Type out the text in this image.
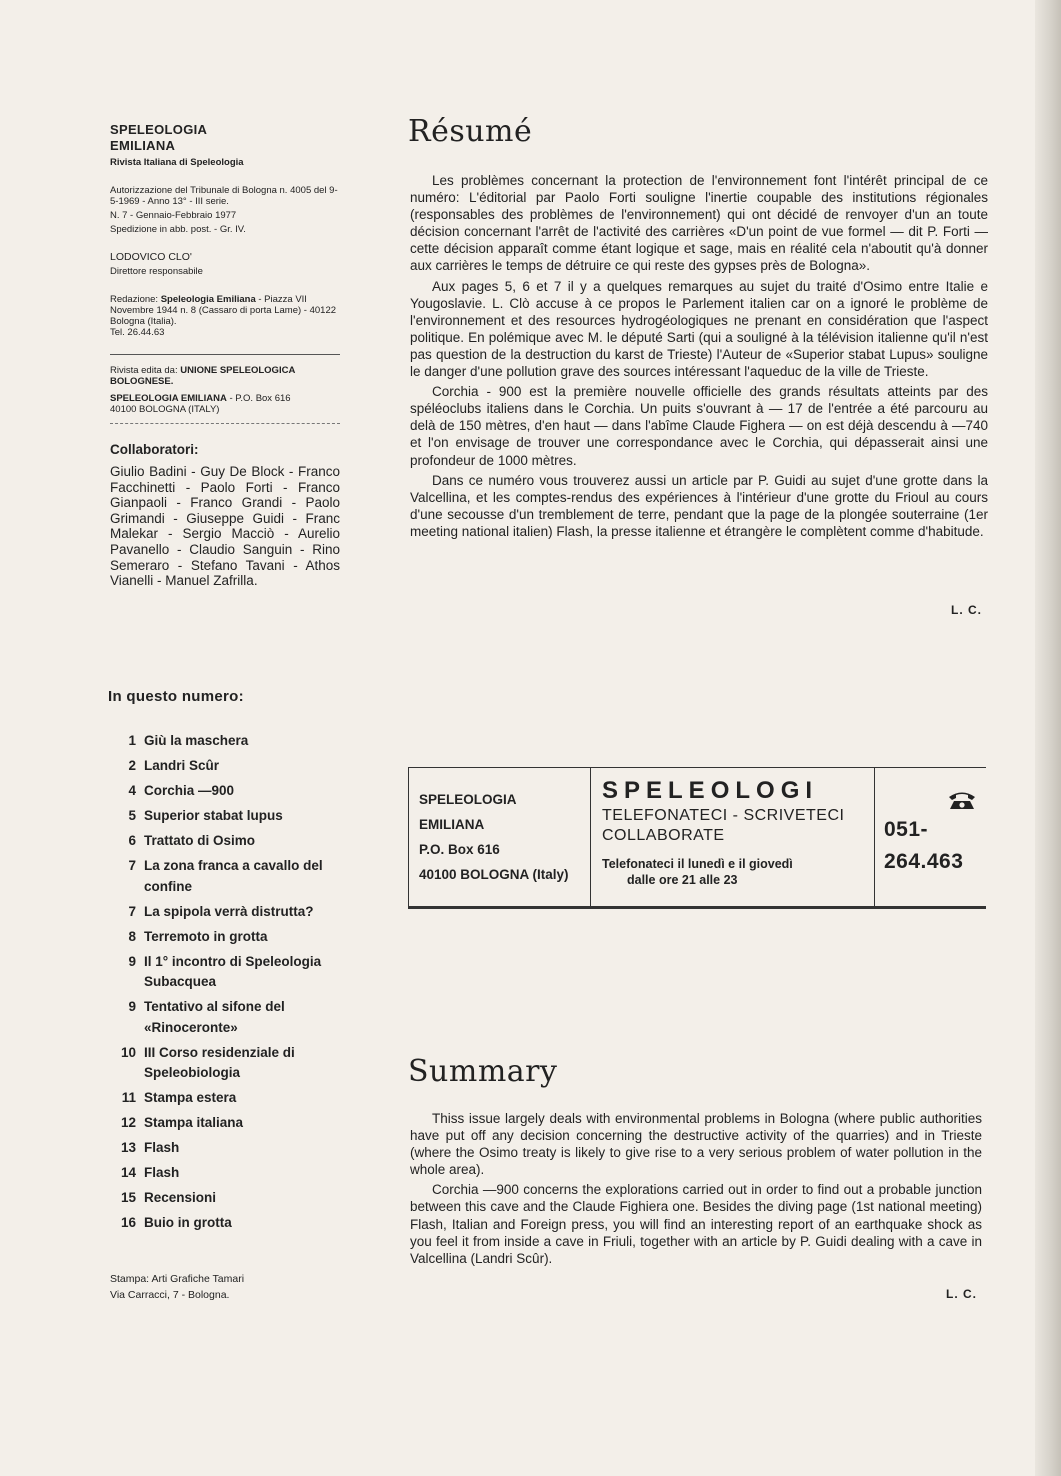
SPELEOLOGIA
EMILIANA
Rivista Italiana di Speleologia
Autorizzazione del Tribunale di Bologna n. 4005 del 9-5-1969 - Anno 13° - III serie.
N. 7 - Gennaio-Febbraio 1977
Spedizione in abb. post. - Gr. IV.
LODOVICO CLO'
Direttore responsabile
Redazione: Speleologia Emiliana - Piazza VII Novembre 1944 n. 8 (Cassaro di porta Lame) - 40122 Bologna (Italia).
Tel. 26.44.63
Rivista edita da: UNIONE SPELEOLOGICA BOLOGNESE.
SPELEOLOGIA EMILIANA - P.O. Box 616
40100 BOLOGNA (ITALY)
Collaboratori:
Giulio Badini - Guy De Block - Franco Facchinetti - Paolo Forti - Franco Gianpaoli - Franco Grandi - Paolo Grimandi - Giuseppe Guidi - Franc Malekar - Sergio Macciò - Aurelio Pavanello - Claudio Sanguin - Rino Semeraro - Stefano Tavani - Athos Vianelli - Manuel Zafrilla.
In questo numero:
1 Giù la maschera
2 Landri Scûr
4 Corchia —900
5 Superior stabat lupus
6 Trattato di Osimo
7 La zona franca a cavallo del confine
7 La spipola verrà distrutta?
8 Terremoto in grotta
9 Il 1° incontro di Speleologia Subacquea
9 Tentativo al sifone del «Rinoceronte»
10 III Corso residenziale di Speleobiologia
11 Stampa estera
12 Stampa italiana
13 Flash
14 Flash
15 Recensioni
16 Buio in grotta
Stampa: Arti Grafiche Tamari
Via Carracci, 7 - Bologna.
Résumé

Les problèmes concernant la protection de l'environnement font l'intérêt principal de ce numéro: L'éditorial par Paolo Forti souligne l'inertie coupable des institutions régionales (responsables des problèmes de l'environnement) qui ont décidé de renvoyer d'un an toute décision concernant l'arrêt de l'activité des carrières «D'un point de vue formel — dit P. Forti — cette décision apparaît comme étant logique et sage, mais en réalité cela n'aboutit qu'à donner aux carrières le temps de détruire ce qui reste des gypses près de Bologna».

Aux pages 5, 6 et 7 il y a quelques remarques au sujet du traité d'Osimo entre Italie e Yougoslavie. L. Clò accuse à ce propos le Parlement italien car on a ignoré le problème de l'environnement et des resources hydrogéologiques ne prenant en considération que l'aspect politique. En polémique avec M. le député Sarti (qui a souligné à la télévision italienne qu'il n'est pas question de la destruction du karst de Trieste) l'Auteur de «Superior stabat Lupus» souligne le danger d'une pollution grave des sources intéressant l'aqueduc de la ville de Trieste.

Corchia - 900 est la première nouvelle officielle des grands résultats atteints par des spéléoclubs italiens dans le Corchia. Un puits s'ouvrant à — 17 de l'entrée a été parcouru au delà de 150 mètres, d'en haut — dans l'abîme Claude Fighera — on est déjà descendu à —740 et l'on envisage de trouver une correspondance avec le Corchia, qui dépasserait ainsi une profondeur de 1000 mètres.

Dans ce numéro vous trouverez aussi un article par P. Guidi au sujet d'une grotte dans la Valcellina, et les comptes-rendus des expériences à l'intérieur d'une grotte du Frioul au cours d'une secousse d'un tremblement de terre, pendant que la page de la plongée souterraine (1er meeting national italien) Flash, la presse italienne et étrangère le complètent comme d'habitude.

L. C.
SPELEOLOGIA
EMILIANA
P.O. Box 616
40100 BOLOGNA (Italy)
SPELEOLOGI
TELEFONATECI - SCRIVETECI
COLLABORATE
Telefonateci il lunedì e il giovedì
dalle ore 21 alle 23
051-
264.463
Summary

Thiss issue largely deals with environmental problems in Bologna (where public authorities have put off any decision concerning the destructive activity of the quarries) and in Trieste (where the Osimo treaty is likely to give rise to a very serious problem of water pollution in the whole area).

Corchia —900 concerns the explorations carried out in order to find out a probable junction between this cave and the Claude Fighiera one. Besides the diving page (1st national meeting) Flash, Italian and Foreign press, you will find an interesting report of an earthquake shock as you feel it from inside a cave in Friuli, together with an article by P. Guidi dealing with a cave in Valcellina (Landri Scûr).

L. C.
